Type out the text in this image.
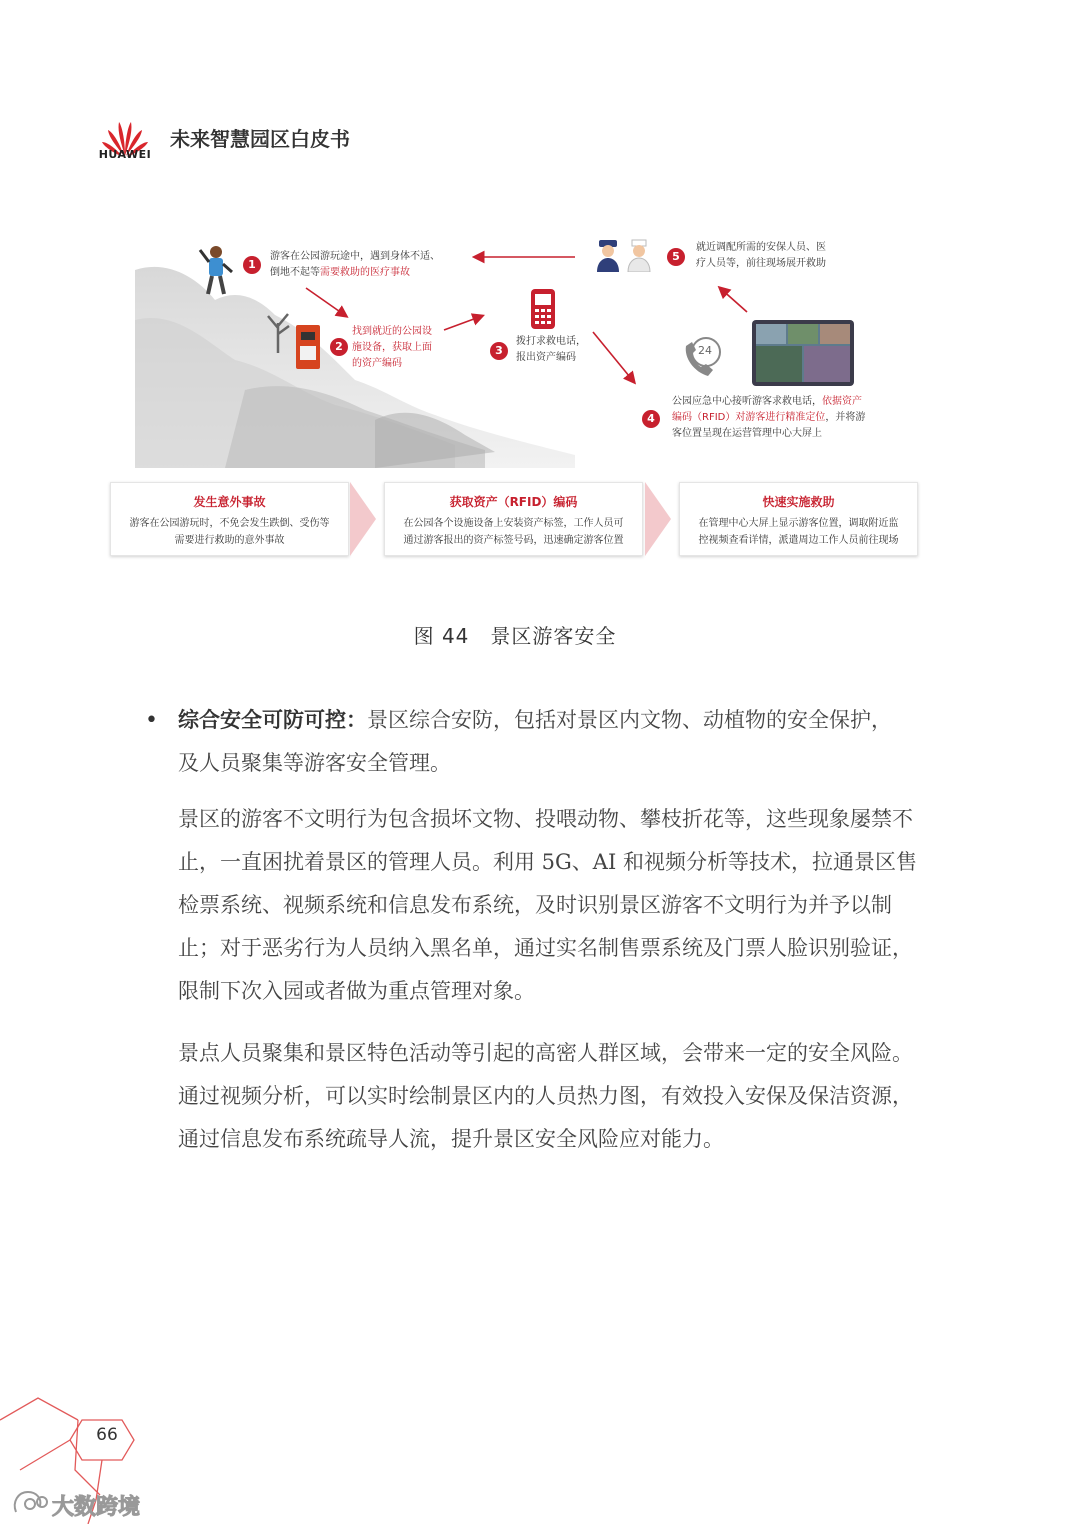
HUAWEI
未来智慧园区白皮书
24
1
游客在公园游玩途中，遇到身体不适、
倒地不起等需要救助的医疗事故
2
找到就近的公园设
施设备，获取上面
的资产编码
3
拨打求救电话，
报出资产编码
4
公园应急中心接听游客求救电话，依据资产
编码（RFID）对游客进行精准定位，并将游
客位置呈现在运营管理中心大屏上
5
就近调配所需的安保人员、医
疗人员等，前往现场展开救助
发生意外事故
游客在公园游玩时，不免会发生跌倒、受伤等
需要进行救助的意外事故
获取资产（RFID）编码
在公园各个设施设备上安装资产标签，工作人员可
通过游客报出的资产标签号码，迅速确定游客位置
快速实施救助
在管理中心大屏上显示游客位置，调取附近监
控视频查看详情，派遣周边工作人员前往现场
图 44　景区游客安全
• 综合安全可防可控：景区综合安防，包括对景区内文物、动植物的安全保护，
及人员聚集等游客安全管理。
景区的游客不文明行为包含损坏文物、投喂动物、攀枝折花等，这些现象屡禁不止，一直困扰着景区的管理人员。利用 5G、AI 和视频分析等技术，拉通景区售检票系统、视频系统和信息发布系统，及时识别景区游客不文明行为并予以制止；对于恶劣行为人员纳入黑名单，通过实名制售票系统及门票人脸识别验证，限制下次入园或者做为重点管理对象。
景点人员聚集和景区特色活动等引起的高密人群区域，会带来一定的安全风险。通过视频分析，可以实时绘制景区内的人员热力图，有效投入安保及保洁资源，通过信息发布系统疏导人流，提升景区安全风险应对能力。
66
大数跨境
